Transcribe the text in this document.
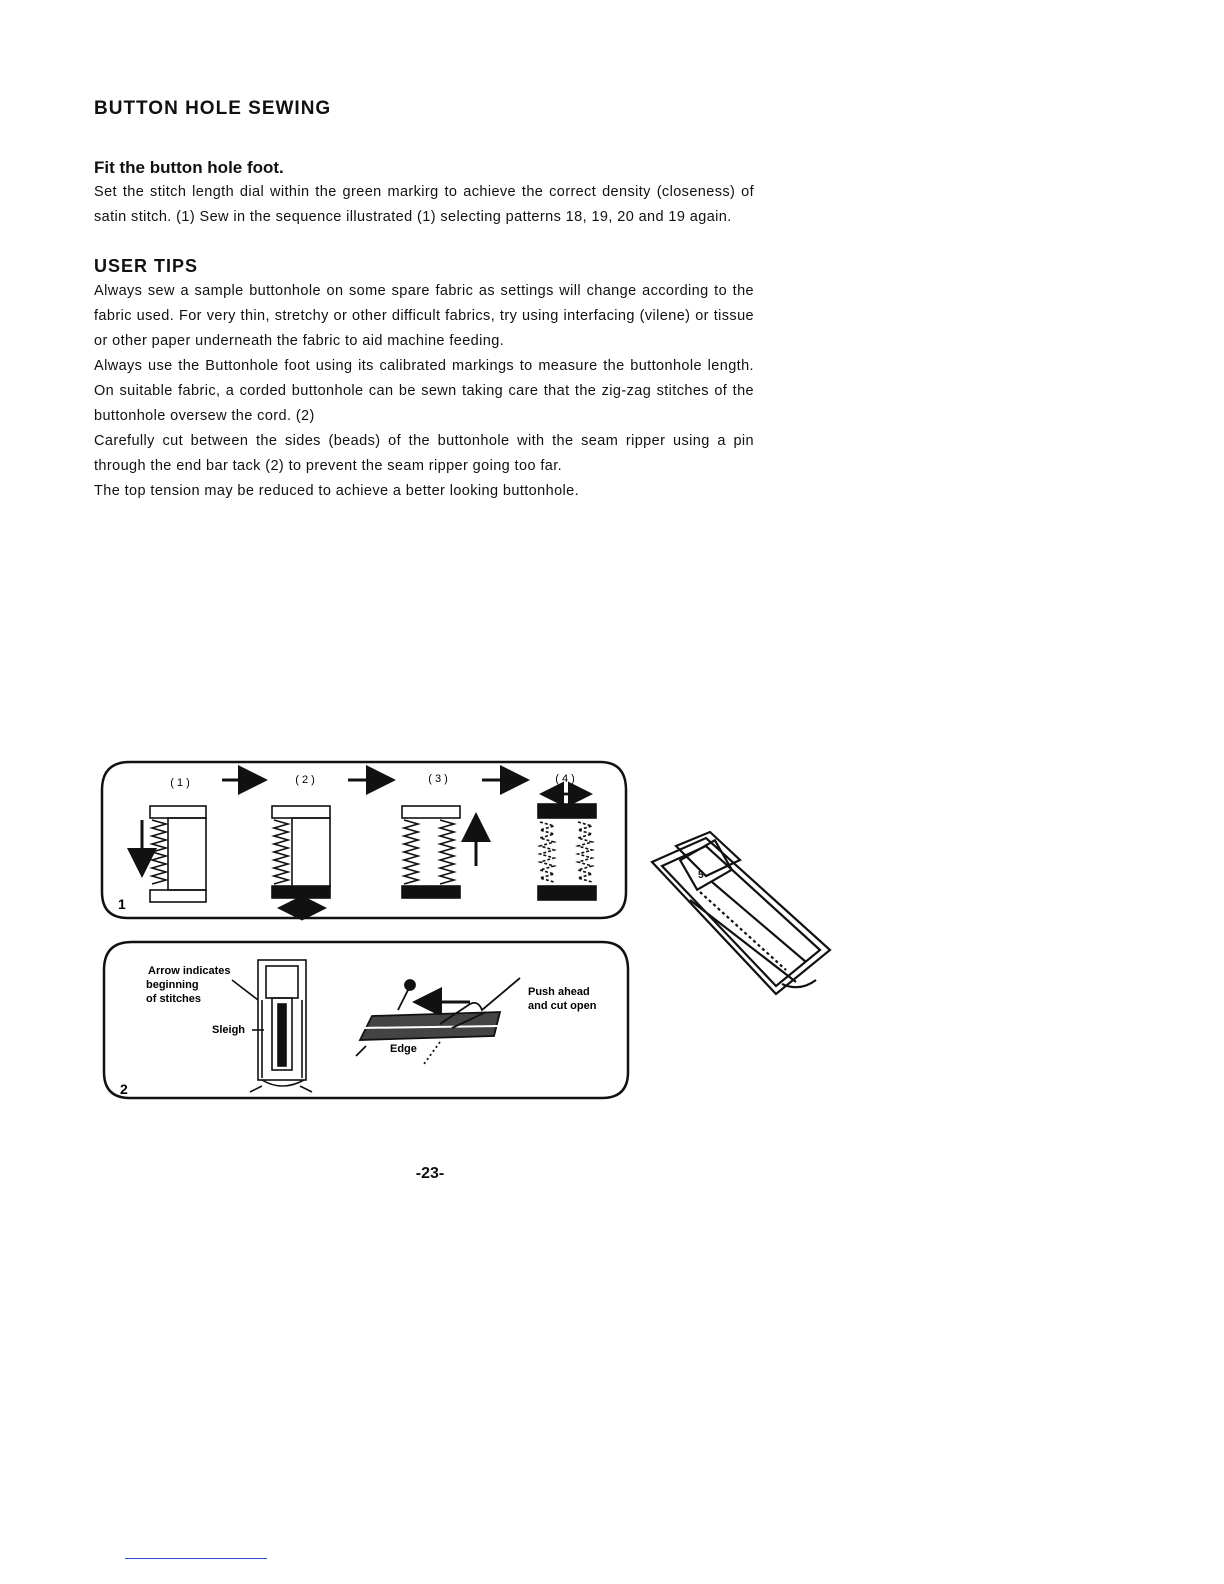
BUTTON HOLE SEWING
Fit the button hole foot.

Set the stitch length dial within the green markirg to achieve the correct density (closeness) of satin stitch. (1) Sew in the sequence illustrated (1) selecting patterns 18, 19, 20 and 19 again.

USER TIPS

Always sew a sample buttonhole on some spare fabric as settings will change according to the fabric used. For very thin, stretchy or other difficult fabrics, try using interfacing (vilene) or tissue or other paper underneath the fabric to aid machine feeding.

Always use the Buttonhole foot using its calibrated markings to measure the buttonhole length. On suitable fabric, a corded buttonhole can be sewn taking care that the zig-zag stitches of the buttonhole oversew the cord. (2)

Carefully cut between the sides (beads) of the buttonhole with the seam ripper using a pin through the end bar tack (2) to prevent the seam ripper going too far.

The top tension may be reduced to achieve a better looking buttonhole.

1
( 1 )	( 2 )	( 3 )	( 4 )
2
Arrow indicates
beginning
of stitches
Sleigh
Push ahead
and cut open
Edge
5
-23-
